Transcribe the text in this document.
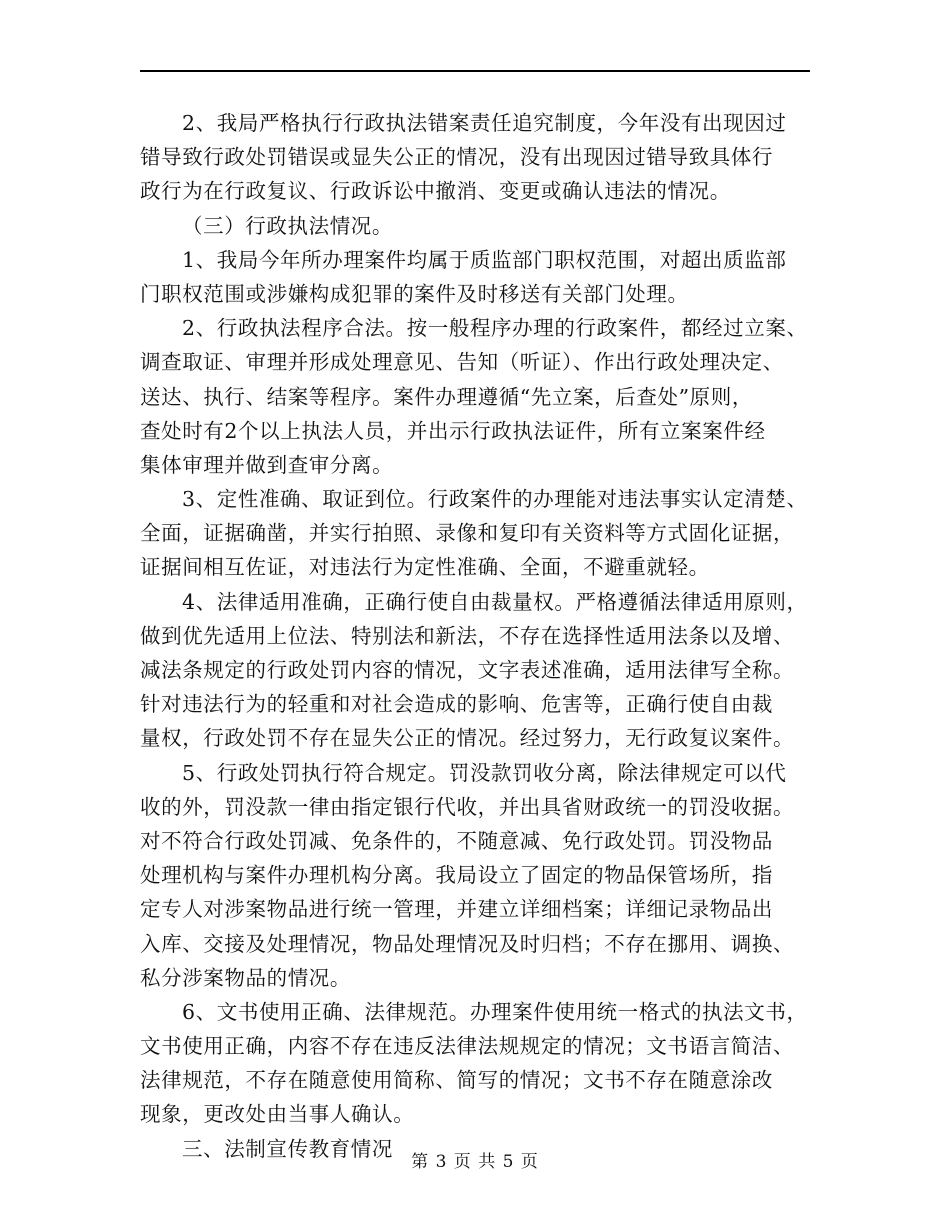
2、我局严格执行行政执法错案责任追究制度，今年没有出现因过
错导致行政处罚错误或显失公正的情况，没有出现因过错导致具体行
政行为在行政复议、行政诉讼中撤消、变更或确认违法的情况。
（三）行政执法情况。
1、我局今年所办理案件均属于质监部门职权范围，对超出质监部
门职权范围或涉嫌构成犯罪的案件及时移送有关部门处理。
2、行政执法程序合法。按一般程序办理的行政案件，都经过立案、
调查取证、审理并形成处理意见、告知（听证）、作出行政处理决定、
送达、执行、结案等程序。案件办理遵循“先立案，后查处”原则，
查处时有2个以上执法人员，并出示行政执法证件，所有立案案件经
集体审理并做到查审分离。
3、定性准确、取证到位。行政案件的办理能对违法事实认定清楚、
全面，证据确凿，并实行拍照、录像和复印有关资料等方式固化证据，
证据间相互佐证，对违法行为定性准确、全面，不避重就轻。
4、法律适用准确，正确行使自由裁量权。严格遵循法律适用原则，
做到优先适用上位法、特别法和新法，不存在选择性适用法条以及增、
减法条规定的行政处罚内容的情况，文字表述准确，适用法律写全称。
针对违法行为的轻重和对社会造成的影响、危害等，正确行使自由裁
量权，行政处罚不存在显失公正的情况。经过努力，无行政复议案件。
5、行政处罚执行符合规定。罚没款罚收分离，除法律规定可以代
收的外，罚没款一律由指定银行代收，并出具省财政统一的罚没收据。
对不符合行政处罚减、免条件的，不随意减、免行政处罚。罚没物品
处理机构与案件办理机构分离。我局设立了固定的物品保管场所，指
定专人对涉案物品进行统一管理，并建立详细档案；详细记录物品出
入库、交接及处理情况，物品处理情况及时归档；不存在挪用、调换、
私分涉案物品的情况。
6、文书使用正确、法律规范。办理案件使用统一格式的执法文书，
文书使用正确，内容不存在违反法律法规规定的情况；文书语言简洁、
法律规范，不存在随意使用简称、简写的情况；文书不存在随意涂改
现象，更改处由当事人确认。
三、法制宣传教育情况
第 3 页 共 5 页
